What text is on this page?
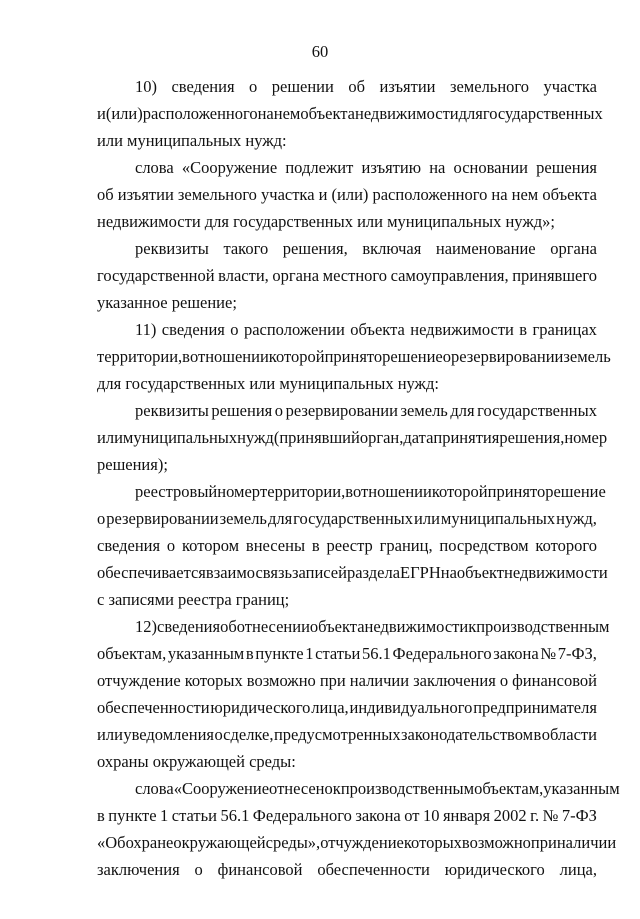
60
10) сведения о решении об изъятии земельного участка
и (или) расположенного на нем объекта недвижимости для государственных
или муниципальных нужд:
слова «Сооружение подлежит изъятию на основании решения
об изъятии земельного участка и (или) расположенного на нем объекта
недвижимости для государственных или муниципальных нужд»;
реквизиты такого решения, включая наименование органа
государственной власти, органа местного самоуправления, принявшего
указанное решение;
11) сведения о расположении объекта недвижимости в границах
территории, в отношении которой принято решение о резервировании земель
для государственных или муниципальных нужд:
реквизиты решения о резервировании земель для государственных
или муниципальных нужд (принявший орган, дата принятия решения, номер
решения);
реестровый номер территории, в отношении которой принято решение
о резервировании земель для государственных или муниципальных нужд,
сведения о котором внесены в реестр границ, посредством которого
обеспечивается взаимосвязь записей раздела ЕГРН на объект недвижимости
с записями реестра границ;
12) сведения об отнесении объекта недвижимости к производственным
объектам, указанным в пункте 1 статьи 56.1 Федерального закона № 7-ФЗ,
отчуждение которых возможно при наличии заключения о финансовой
обеспеченности юридического лица, индивидуального предпринимателя
или уведомления о сделке, предусмотренных законодательством в области
охраны окружающей среды:
слова «Сооружение отнесено к производственным объектам, указанным
в пункте 1 статьи 56.1 Федерального закона от 10 января 2002 г. № 7-ФЗ
«Об охране окружающей среды», отчуждение которых возможно при наличии
заключения о финансовой обеспеченности юридического лица,
